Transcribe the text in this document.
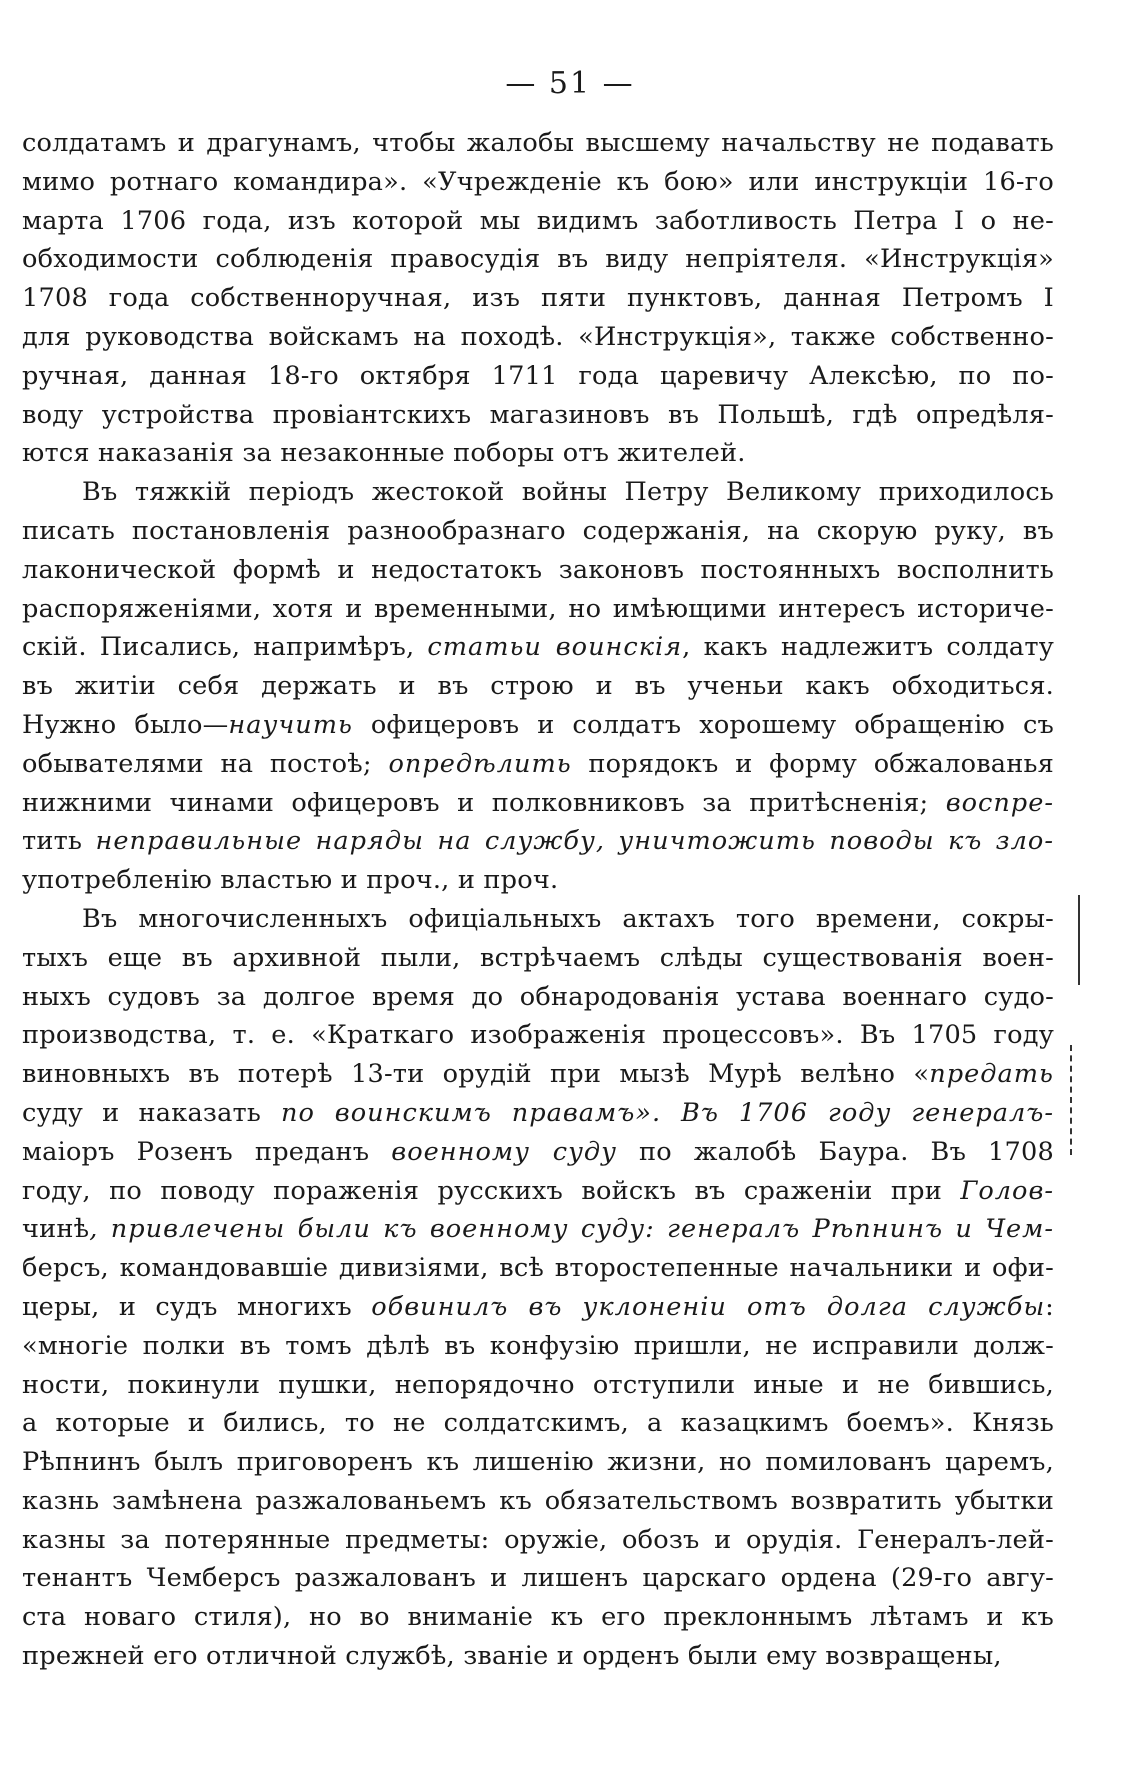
— 51 —
солдатамъ и драгунамъ, чтобы жалобы высшему начальству не подавать
мимо ротнаго командира». «Учрежденіе къ бою» или инструкціи 16-го
марта 1706 года, изъ которой мы видимъ заботливость Петра I о не-
обходимости соблюденія правосудія въ виду непріятеля. «Инструкція»
1708 года собственноручная, изъ пяти пунктовъ, данная Петромъ I
для руководства войскамъ на походѣ. «Инструкція», также собственно-
ручная, данная 18-го октября 1711 года царевичу Алексѣю, по по-
воду устройства провіантскихъ магазиновъ въ Польшѣ, гдѣ опредѣля-
ются наказанія за незаконные поборы отъ жителей.
Въ тяжкій періодъ жестокой войны Петру Великому приходилось
писать постановленія разнообразнаго содержанія, на скорую руку, въ
лаконической формѣ и недостатокъ законовъ постоянныхъ восполнить
распоряженіями, хотя и временными, но имѣющими интересъ историче-
скій. Писались, напримѣръ, статьи воинскія, какъ надлежитъ солдату
въ житіи себя держать и въ строю и въ ученьи какъ обходиться.
Нужно было—научить офицеровъ и солдатъ хорошему обращенію съ
обывателями на постоѣ; опредѣлить порядокъ и форму обжалованья
нижними чинами офицеровъ и полковниковъ за притѣсненія; воспре-
тить неправильные наряды на службу, уничтожить поводы къ зло-
употребленію властью и проч., и проч.
Въ многочисленныхъ офиціальныхъ актахъ того времени, сокры-
тыхъ еще въ архивной пыли, встрѣчаемъ слѣды существованія воен-
ныхъ судовъ за долгое время до обнародованія устава военнаго судо-
производства, т. е. «Краткаго изображенія процессовъ». Въ 1705 году
виновныхъ въ потерѣ 13-ти орудій при мызѣ Мурѣ велѣно «предать
суду и наказать по воинскимъ правамъ». Въ 1706 году генералъ-
маіоръ Розенъ преданъ военному суду по жалобѣ Баура. Въ 1708
году, по поводу пораженія русскихъ войскъ въ сраженіи при Голов-
чинѣ, привлечены были къ военному суду: генералъ Рѣпнинъ и Чем-
берсъ, командовавшіе дивизіями, всѣ второстепенные начальники и офи-
церы, и судъ многихъ обвинилъ въ уклоненіи отъ долга службы:
«многіе полки въ томъ дѣлѣ въ конфузію пришли, не исправили долж-
ности, покинули пушки, непорядочно отступили иные и не бившись,
а которые и бились, то не солдатскимъ, а казацкимъ боемъ». Князь
Рѣпнинъ былъ приговоренъ къ лишенію жизни, но помилованъ царемъ,
казнь замѣнена разжалованьемъ къ обязательствомъ возвратить убытки
казны за потерянные предметы: оружіе, обозъ и орудія. Генералъ-лей-
тенантъ Чемберсъ разжалованъ и лишенъ царскаго ордена (29-го авгу-
ста новаго стиля), но во вниманіе къ его преклоннымъ лѣтамъ и къ
прежней его отличной службѣ, званіе и орденъ были ему возвращены,
